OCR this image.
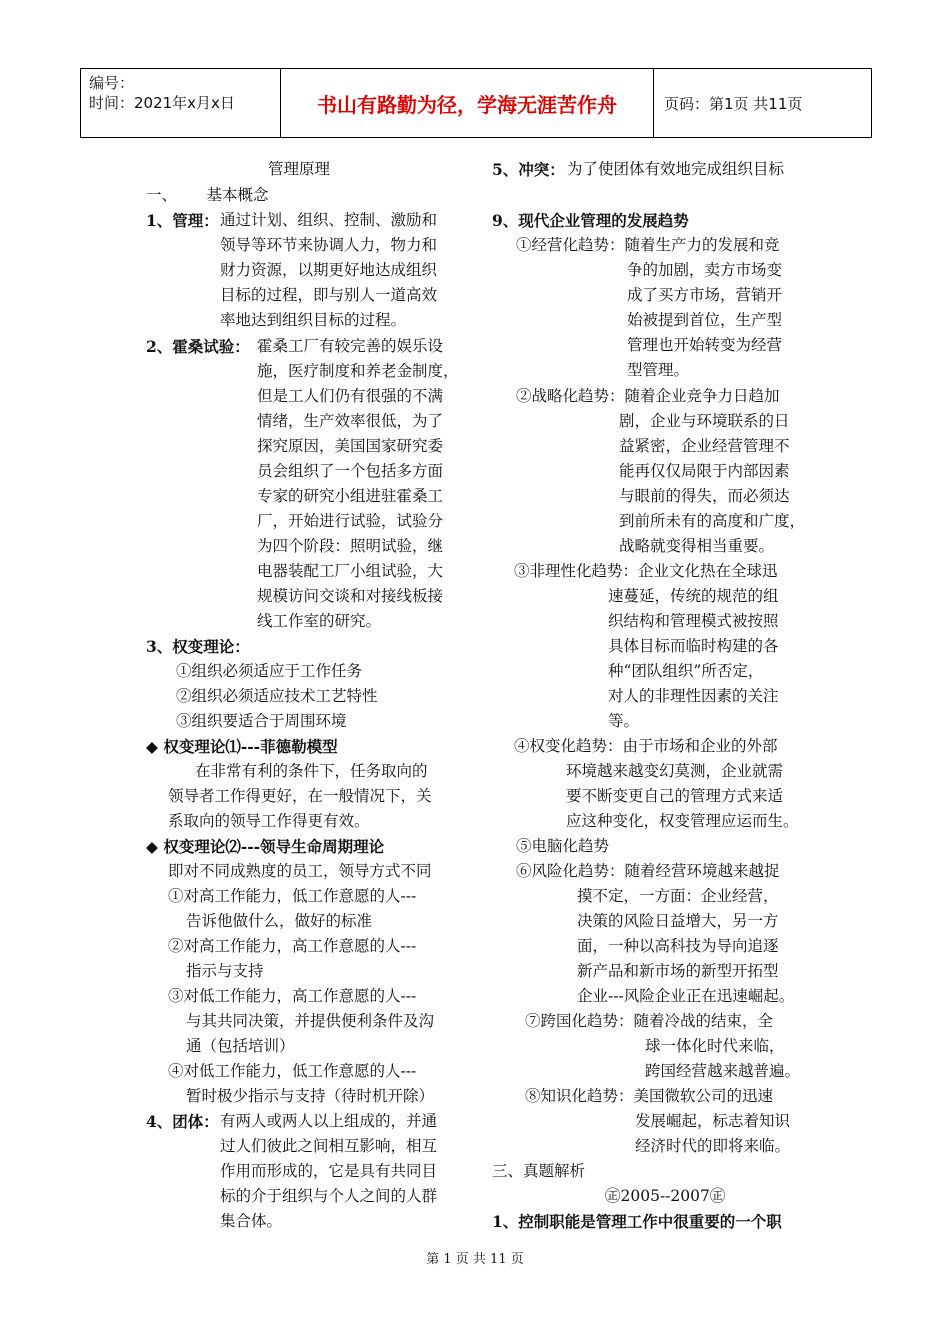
编号：
时间：2021年x月x日	书山有路勤为径，学海无涯苦作舟	页码：第1页 共11页
管理原理
一、      基本概念
1、管理： 通过计划、组织、控制、激励和
领导等环节来协调人力，物力和
财力资源，以期更好地达成组织
目标的过程，即与别人一道高效
率地达到组织目标的过程。
2、霍桑试验： 霍桑工厂有较完善的娱乐设
施，医疗制度和养老金制度，
但是工人们仍有很强的不满
情绪，生产效率很低，为了
探究原因，美国国家研究委
员会组织了一个包括多方面
专家的研究小组进驻霍桑工
厂，开始进行试验，试验分
为四个阶段：照明试验，继
电器装配工厂小组试验，大
规模访问交谈和对接线板接
线工作室的研究。
3、权变理论：
①组织必须适应于工作任务
②组织必须适应技术工艺特性
③组织要适合于周围环境
◆ 权变理论⑴---菲德勒模型
在非常有利的条件下，任务取向的
领导者工作得更好，在一般情况下，关
系取向的领导工作得更有效。
◆ 权变理论⑵---领导生命周期理论
即对不同成熟度的员工，领导方式不同
①对高工作能力，低工作意愿的人---
告诉他做什么，做好的标准
②对高工作能力，高工作意愿的人---
指示与支持
③对低工作能力，高工作意愿的人---
与其共同决策，并提供便利条件及沟
通（包括培训）
④对低工作能力，低工作意愿的人---
暂时极少指示与支持（待时机开除）
4、团体： 有两人或两人以上组成的，并通
过人们彼此之间相互影响，相互
作用而形成的，它是具有共同目
标的介于组织与个人之间的人群
集合体。
5、冲突： 为了使团体有效地完成组织目标
9、现代企业管理的发展趋势
①经营化趋势：随着生产力的发展和竞
争的加剧，卖方市场变
成了买方市场，营销开
始被提到首位，生产型
管理也开始转变为经营
型管理。
②战略化趋势：随着企业竞争力日趋加
剧，企业与环境联系的日
益紧密，企业经营管理不
能再仅仅局限于内部因素
与眼前的得失，而必须达
到前所未有的高度和广度，
战略就变得相当重要。
③非理性化趋势：企业文化热在全球迅
速蔓延，传统的规范的组
织结构和管理模式被按照
具体目标而临时构建的各
种“团队组织”所否定，
对人的非理性因素的关注
等。
④权变化趋势：由于市场和企业的外部
环境越来越变幻莫测，企业就需
要不断变更自己的管理方式来适
应这种变化，权变管理应运而生。
⑤电脑化趋势
⑥风险化趋势：随着经营环境越来越捉
摸不定，一方面：企业经营，
决策的风险日益增大，另一方
面，一种以高科技为导向追逐
新产品和新市场的新型开拓型
企业---风险企业正在迅速崛起。
⑦跨国化趋势：随着冷战的结束，全
球一体化时代来临，
跨国经营越来越普遍。
⑧知识化趋势：美国微软公司的迅速
发展崛起，标志着知识
经济时代的即将来临。
三、真题解析
㊣2005--2007㊣
1、控制职能是管理工作中很重要的一个职
第 1 页 共 11 页
